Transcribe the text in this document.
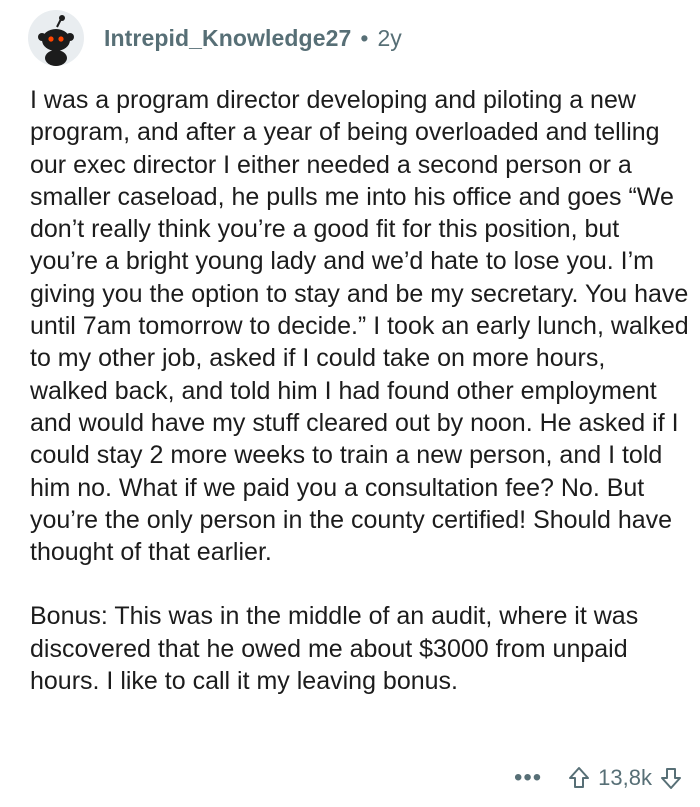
Intrepid_Knowledge27 • 2y

I was a program director developing and piloting a new program, and after a year of being overloaded and telling our exec director I either needed a second person or a smaller caseload, he pulls me into his office and goes “We don’t really think you’re a good fit for this position, but you’re a bright young lady and we’d hate to lose you. I’m giving you the option to stay and be my secretary. You have until 7am tomorrow to decide.” I took an early lunch, walked to my other job, asked if I could take on more hours, walked back, and told him I had found other employment and would have my stuff cleared out by noon. He asked if I could stay 2 more weeks to train a new person, and I told him no. What if we paid you a consultation fee? No. But you’re the only person in the county certified! Should have thought of that earlier.

Bonus: This was in the middle of an audit, where it was discovered that he owed me about $3000 from unpaid hours. I like to call it my leaving bonus.

•••	13,8k
